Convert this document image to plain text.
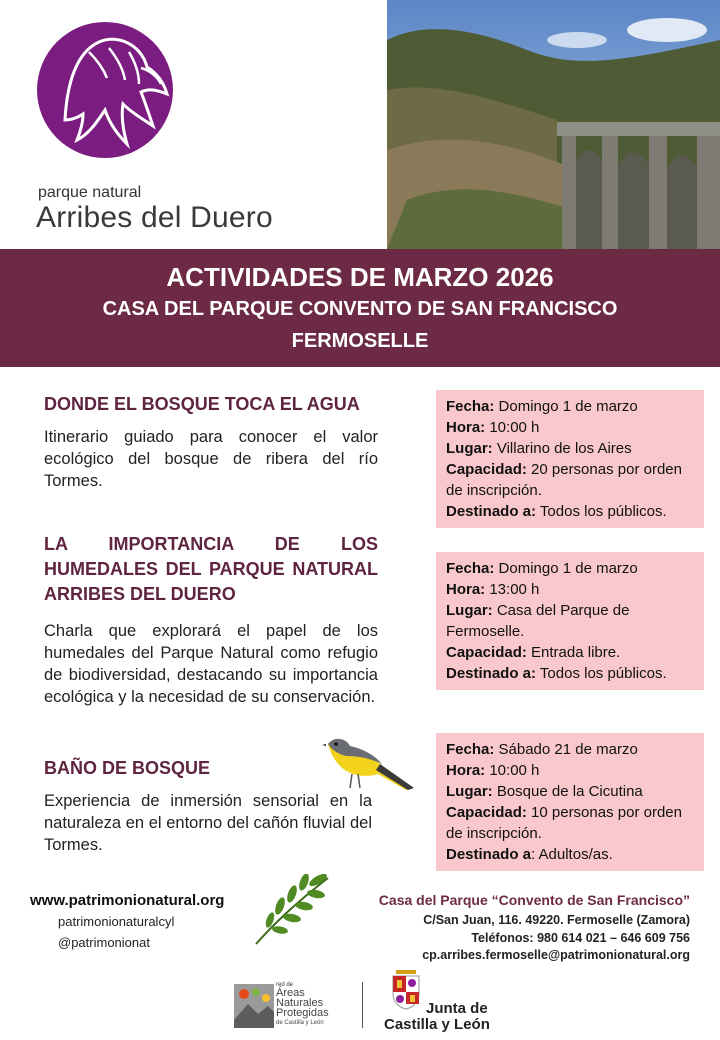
parque natural
Arribes del Duero
ACTIVIDADES DE MARZO 2026
CASA DEL PARQUE CONVENTO DE SAN FRANCISCO
FERMOSELLE
DONDE EL BOSQUE TOCA EL AGUA
Itinerario guiado para conocer el valor ecológico del bosque de ribera del río Tormes.
Fecha: Domingo 1 de marzo
Hora: 10:00 h
Lugar: Villarino de los Aires
Capacidad: 20 personas por orden de inscripción.
Destinado a: Todos los públicos.
LA IMPORTANCIA DE LOS HUMEDALES DEL PARQUE NATURAL ARRIBES DEL DUERO
Charla que explorará el papel de los humedales del Parque Natural como refugio de biodiversidad, destacando su importancia ecológica y la necesidad de su conservación.
Fecha: Domingo 1 de marzo
Hora: 13:00 h
Lugar: Casa del Parque de Fermoselle.
Capacidad: Entrada libre.
Destinado a: Todos los públicos.
BAÑO DE BOSQUE
Experiencia de inmersión sensorial en la naturaleza en el entorno del cañón fluvial del Tormes.
Fecha: Sábado 21 de marzo
Hora: 10:00 h
Lugar: Bosque de la Cicutina
Capacidad: 10 personas por orden de inscripción.
Destinado a: Adultos/as.
www.patrimonionatural.org
patrimonionaturalcyl
@patrimonionat
Casa del Parque “Convento de San Francisco”
C/San Juan, 116. 49220. Fermoselle (Zamora)
Teléfonos: 980 614 021 – 646 609 756
cp.arribes.fermoselle@patrimonionatural.org
red de
Áreas
Naturales
Protegidas
de Castilla y León
Junta de
Castilla y León
